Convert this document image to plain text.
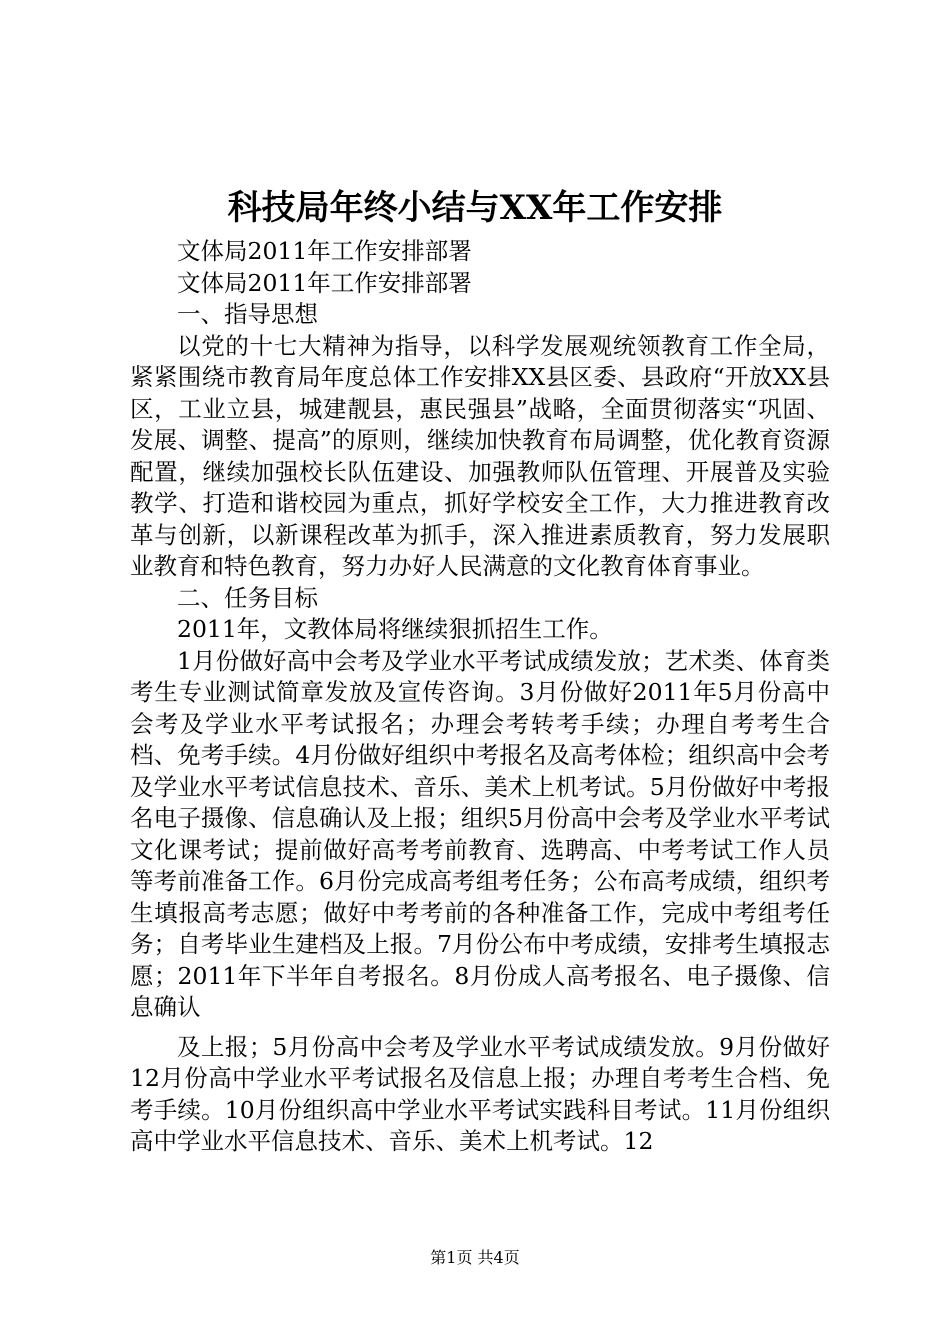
科技局年终小结与XX年工作安排

文体局2011年工作安排部署

文体局2011年工作安排部署

一、指导思想

以党的十七大精神为指导，以科学发展观统领教育工作全局，紧紧围绕市教育局年度总体工作安排XX县区委、县政府“开放XX县区，工业立县，城建靓县，惠民强县”战略，全面贯彻落实“巩固、发展、调整、提高”的原则，继续加快教育布局调整，优化教育资源配置，继续加强校长队伍建设、加强教师队伍管理、开展普及实验教学、打造和谐校园为重点，抓好学校安全工作，大力推进教育改革与创新，以新课程改革为抓手，深入推进素质教育，努力发展职业教育和特色教育，努力办好人民满意的文化教育体育事业。

二、任务目标

2011年，文教体局将继续狠抓招生工作。

1月份做好高中会考及学业水平考试成绩发放；艺术类、体育类考生专业测试简章发放及宣传咨询。3月份做好2011年5月份高中会考及学业水平考试报名；办理会考转考手续；办理自考考生合档、免考手续。4月份做好组织中考报名及高考体检；组织高中会考及学业水平考试信息技术、音乐、美术上机考试。5月份做好中考报名电子摄像、信息确认及上报；组织5月份高中会考及学业水平考试文化课考试；提前做好高考考前教育、选聘高、中考考试工作人员等考前准备工作。6月份完成高考组考任务；公布高考成绩，组织考生填报高考志愿；做好中考考前的各种准备工作，完成中考组考任务；自考毕业生建档及上报。7月份公布中考成绩，安排考生填报志愿；2011年下半年自考报名。8月份成人高考报名、电子摄像、信息确认

及上报；5月份高中会考及学业水平考试成绩发放。9月份做好12月份高中学业水平考试报名及信息上报；办理自考考生合档、免考手续。10月份组织高中学业水平考试实践科目考试。11月份组织高中学业水平信息技术、音乐、美术上机考试。12

第1页 共4页
